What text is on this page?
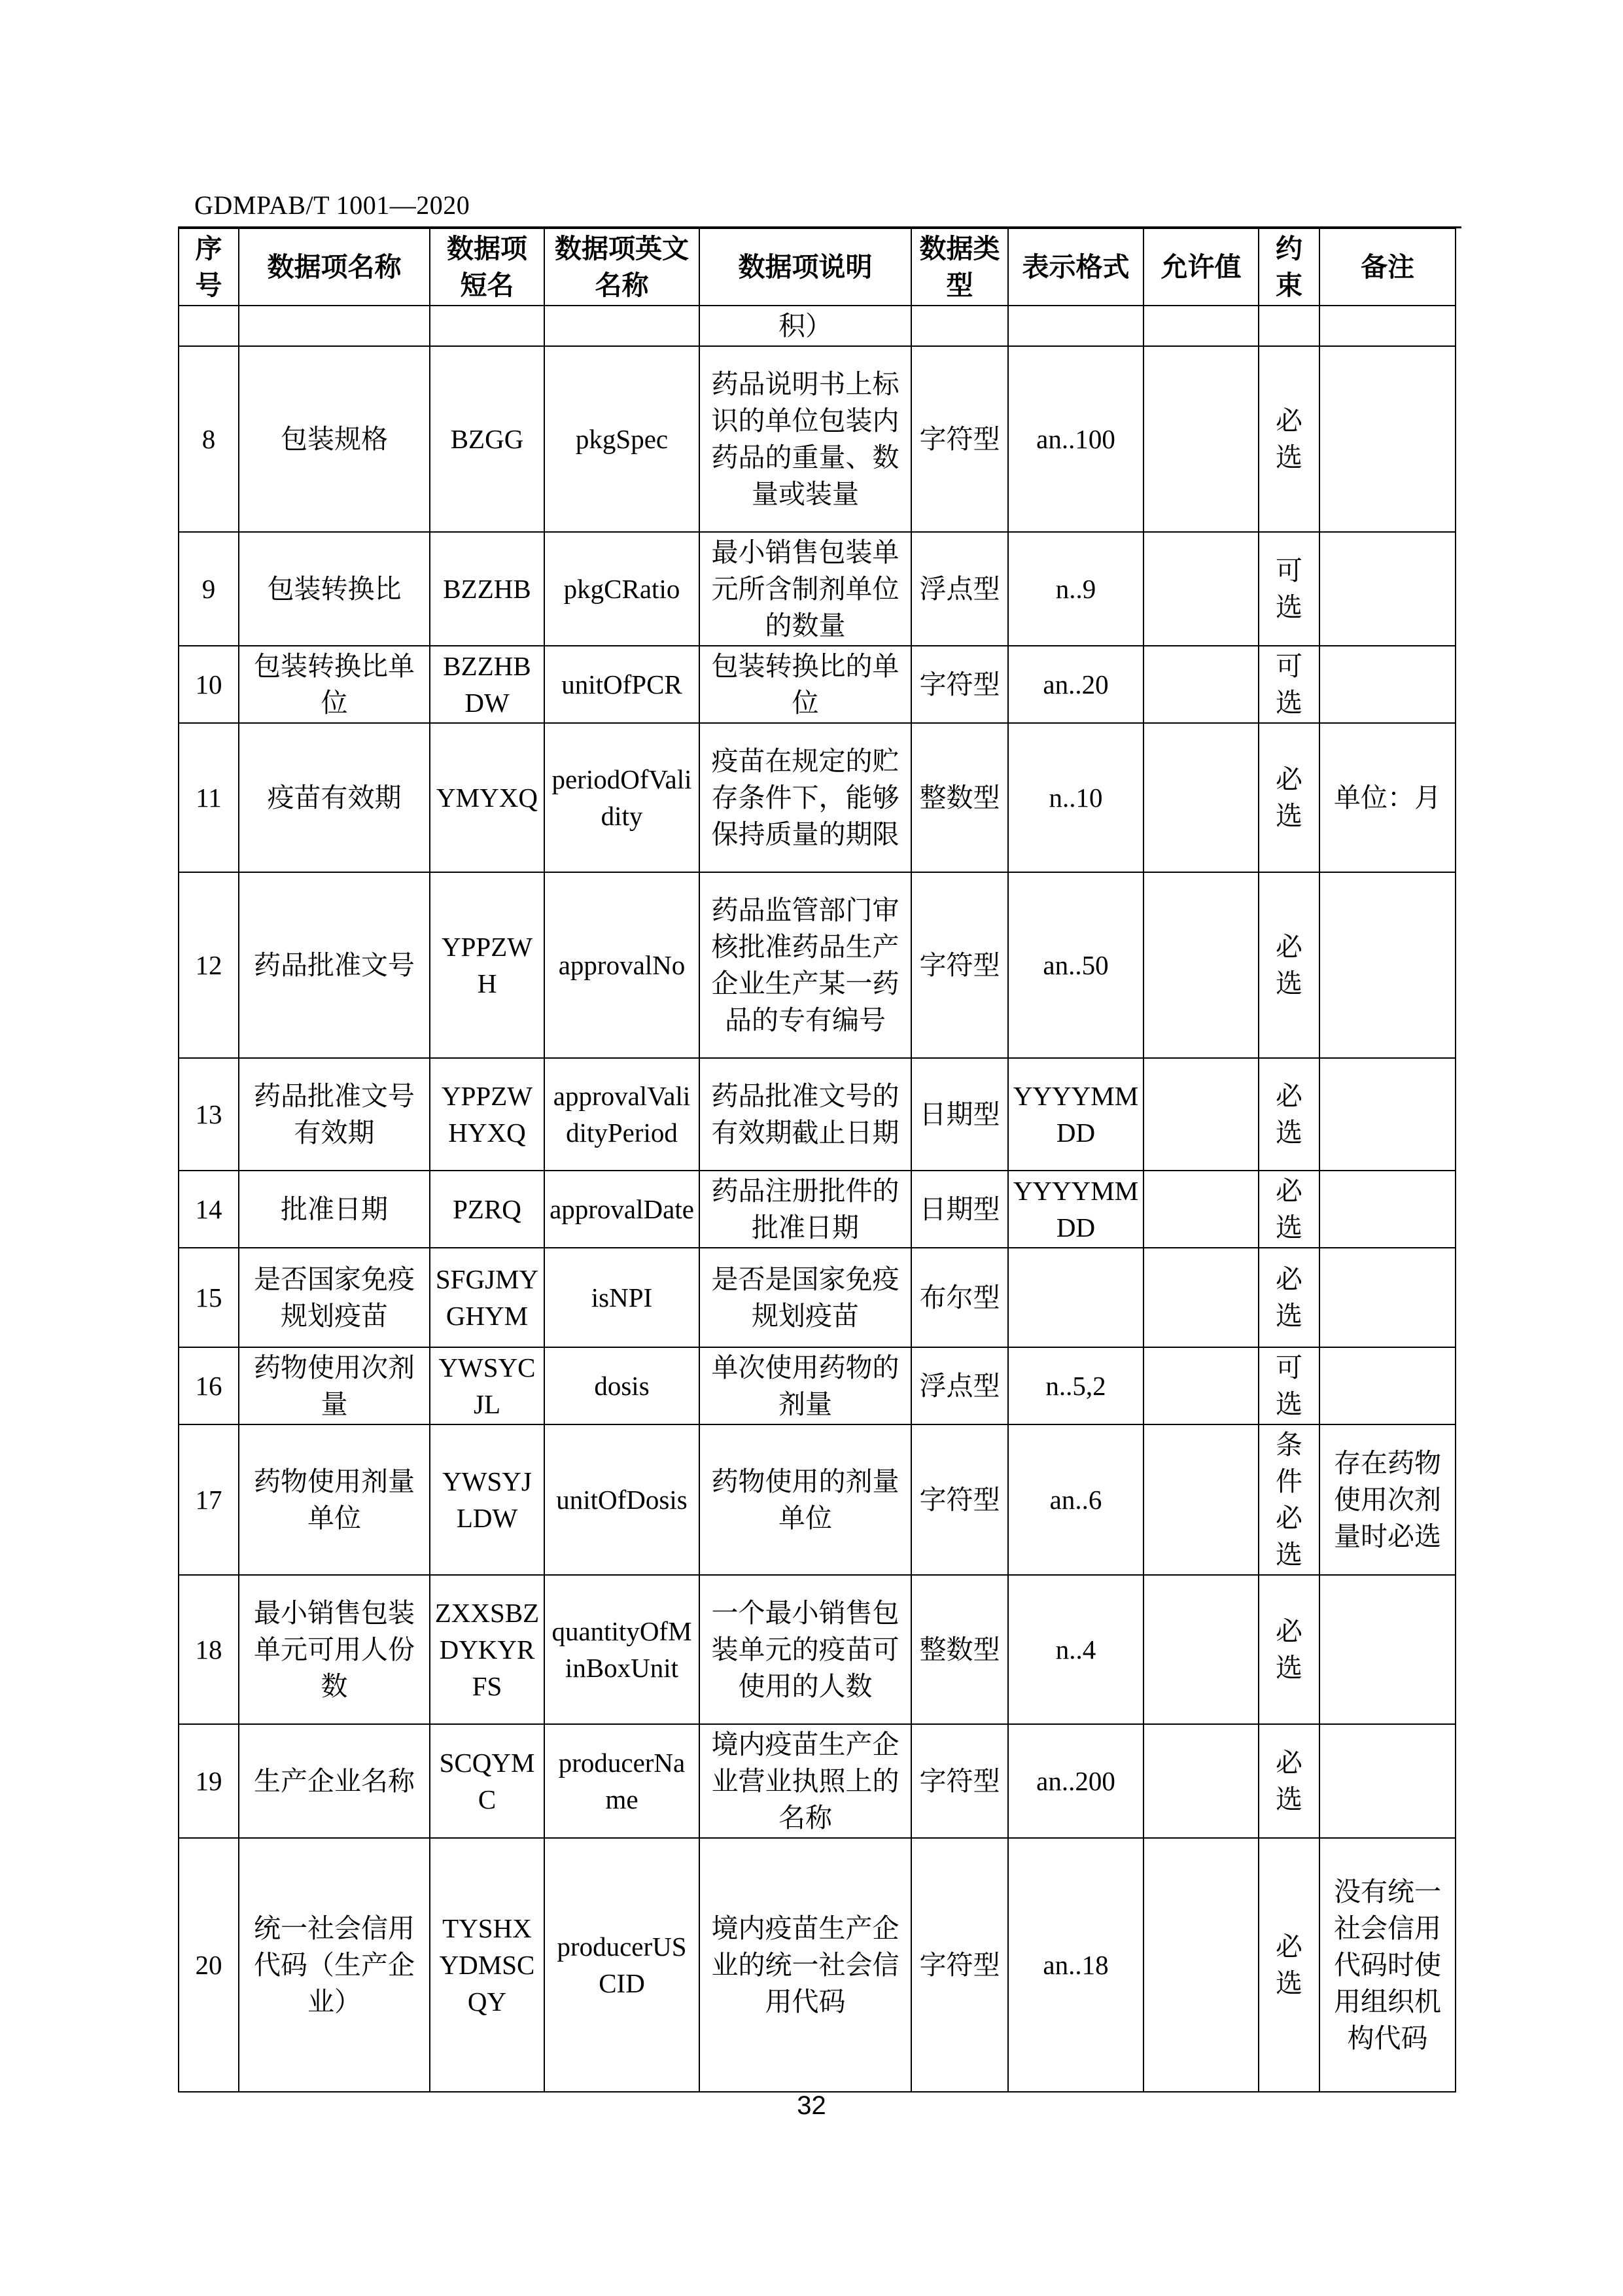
GDMPAB/T 1001—2020
序号	数据项名称	数据项短名	数据项英文名称	数据项说明	数据类型	表示格式	允许值	约束	备注
				积）					
8	包装规格	BZGG	pkgSpec	药品说明书上标识的单位包装内药品的重量、数量或装量	字符型	an..100		必选	
9	包装转换比	BZZHB	pkgCRatio	最小销售包装单元所含制剂单位的数量	浮点型	n..9		可选	
10	包装转换比单位	BZZHBDW	unitOfPCR	包装转换比的单位	字符型	an..20		可选	
11	疫苗有效期	YMYXQ	periodOfValidity	疫苗在规定的贮存条件下，能够保持质量的期限	整数型	n..10		必选	单位：月
12	药品批准文号	YPPZWH	approvalNo	药品监管部门审核批准药品生产企业生产某一药品的专有编号	字符型	an..50		必选	
13	药品批准文号有效期	YPPZWHYXQ	approvalValidityPeriod	药品批准文号的有效期截止日期	日期型	YYYYMMDD		必选	
14	批准日期	PZRQ	approvalDate	药品注册批件的批准日期	日期型	YYYYMMDD		必选	
15	是否国家免疫规划疫苗	SFGJMYGHYM	isNPI	是否是国家免疫规划疫苗	布尔型			必选	
16	药物使用次剂量	YWSYCJL	dosis	单次使用药物的剂量	浮点型	n..5,2		可选	
17	药物使用剂量单位	YWSYJLDW	unitOfDosis	药物使用的剂量单位	字符型	an..6		条件必选	存在药物使用次剂量时必选
18	最小销售包装单元可用人份数	ZXXSBZDYKYRFS	quantityOfMinBoxUnit	一个最小销售包装单元的疫苗可使用的人数	整数型	n..4		必选	
19	生产企业名称	SCQYMC	producerName	境内疫苗生产企业营业执照上的名称	字符型	an..200		必选	
20	统一社会信用代码（生产企业）	TYSHXYDMSCQY	producerUSCID	境内疫苗生产企业的统一社会信用代码	字符型	an..18		必选	没有统一社会信用代码时使用组织机构代码
32
